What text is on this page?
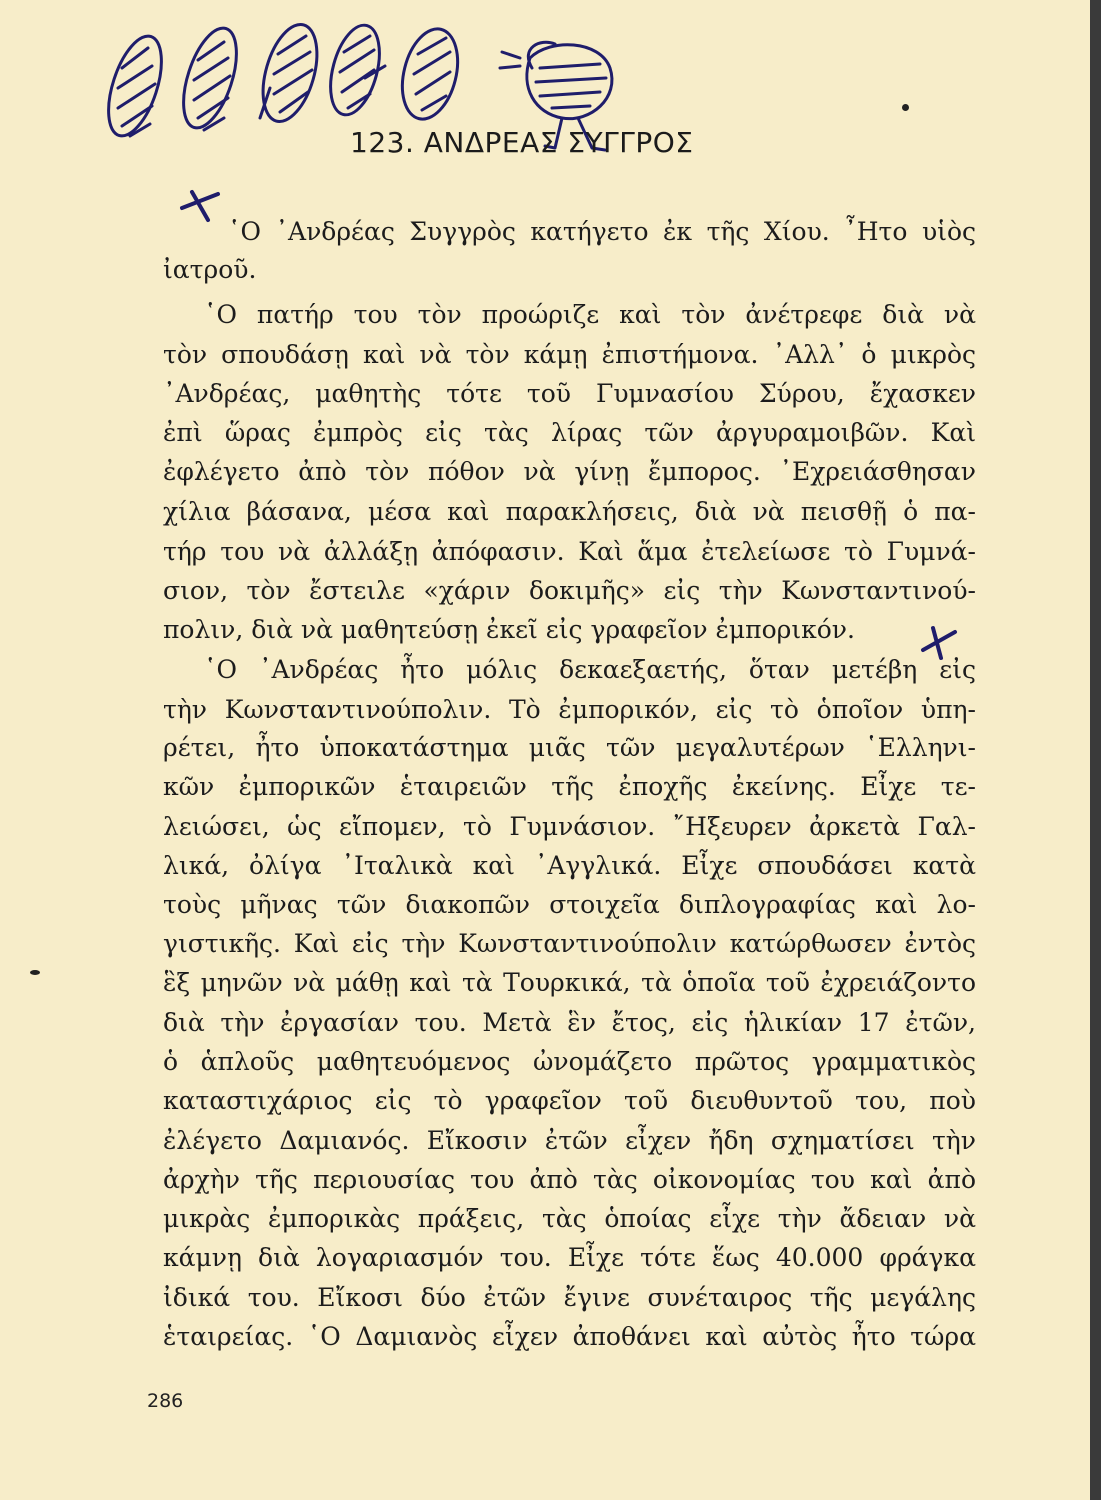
123. ΑΝΔΡΕΑΣ ΣΥΓΓΡΟΣ
῾Ο ᾿Ανδρέας Συγγρὸς κατήγετο ἐκ τῆς Χίου. ῏Ητο υἱὸς
ἰατροῦ.
῾Ο πατήρ του τὸν προώριζε καὶ τὸν ἀνέτρεφε διὰ νὰ
τὸν σπουδάσῃ καὶ νὰ τὸν κάμῃ ἐπιστήμονα. ᾿Αλλ᾿ ὁ μικρὸς
᾿Ανδρέας, μαθητὴς τότε τοῦ Γυμνασίου Σύρου, ἔχασκεν
ἐπὶ ὥρας ἐμπρὸς εἰς τὰς λίρας τῶν ἀργυραμοιβῶν. Καὶ
ἐφλέγετο ἀπὸ τὸν πόθον νὰ γίνῃ ἔμπορος. ᾿Εχρειάσθησαν
χίλια βάσανα, μέσα καὶ παρακλήσεις, διὰ νὰ πεισθῇ ὁ πα-
τήρ του νὰ ἀλλάξῃ ἀπόφασιν. Καὶ ἅμα ἐτελείωσε τὸ Γυμνά-
σιον, τὸν ἔστειλε «χάριν δοκιμῆς» εἰς τὴν Κωνσταντινού-
πολιν, διὰ νὰ μαθητεύσῃ ἐκεῖ εἰς γραφεῖον ἐμπορικόν.
῾Ο ᾿Ανδρέας ἦτο μόλις δεκαεξαετής, ὅταν μετέβη εἰς
τὴν Κωνσταντινούπολιν. Τὸ ἐμπορικόν, εἰς τὸ ὁποῖον ὑπη-
ρέτει, ἦτο ὑποκατάστημα μιᾶς τῶν μεγαλυτέρων ῾Ελληνι-
κῶν ἐμπορικῶν ἑταιρειῶν τῆς ἐποχῆς ἐκείνης. Εἶχε τε-
λειώσει, ὡς εἴπομεν, τὸ Γυμνάσιον. ῎Ηξευρεν ἀρκετὰ Γαλ-
λικά, ὀλίγα ᾿Ιταλικὰ καὶ ᾿Αγγλικά. Εἶχε σπουδάσει κατὰ
τοὺς μῆνας τῶν διακοπῶν στοιχεῖα διπλογραφίας καὶ λο-
γιστικῆς. Καὶ εἰς τὴν Κωνσταντινούπολιν κατώρθωσεν ἐντὸς
ἓξ μηνῶν νὰ μάθῃ καὶ τὰ Τουρκικά, τὰ ὁποῖα τοῦ ἐχρειάζοντο
διὰ τὴν ἐργασίαν του. Μετὰ ἓν ἔτος, εἰς ἡλικίαν 17 ἐτῶν,
ὁ ἁπλοῦς μαθητευόμενος ὠνομάζετο πρῶτος γραμματικὸς
καταστιχάριος εἰς τὸ γραφεῖον τοῦ διευθυντοῦ του, ποὺ
ἐλέγετο Δαμιανός. Εἴκοσιν ἐτῶν εἶχεν ἤδη σχηματίσει τὴν
ἀρχὴν τῆς περιουσίας του ἀπὸ τὰς οἰκονομίας του καὶ ἀπὸ
μικρὰς ἐμπορικὰς πράξεις, τὰς ὁποίας εἶχε τὴν ἄδειαν νὰ
κάμνῃ διὰ λογαριασμόν του. Εἶχε τότε ἕως 40.000 φράγκα
ἰδικά του. Εἴκοσι δύο ἐτῶν ἔγινε συνέταιρος τῆς μεγάλης
ἑταιρείας. ῾Ο Δαμιανὸς εἶχεν ἀποθάνει καὶ αὐτὸς ἦτο τώρα
286
